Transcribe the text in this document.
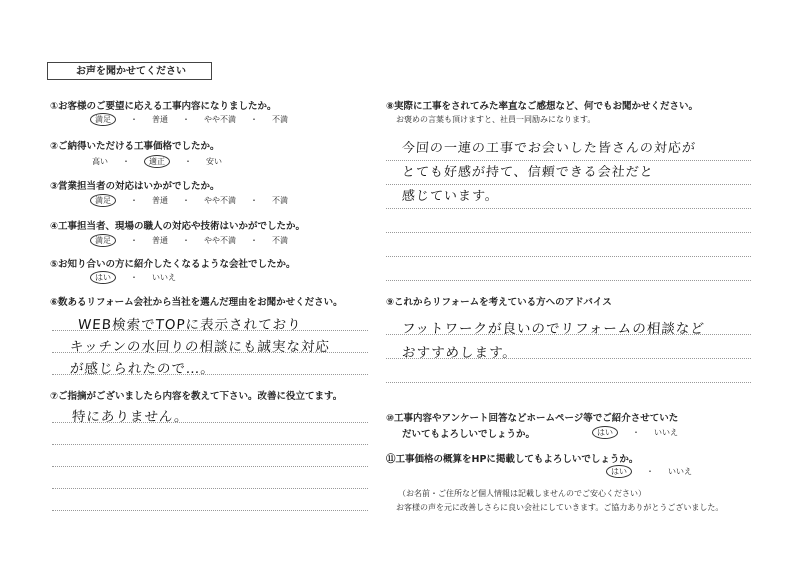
お声を聞かせてください
①お客様のご要望に応える工事内容になりましたか。
満足 ・ 普通 ・ やや不満 ・ 不満
②ご納得いただける工事価格でしたか。
高い ・ 適正 ・ 安い
③営業担当者の対応はいかがでしたか。
満足 ・ 普通 ・ やや不満 ・ 不満
④工事担当者、現場の職人の対応や技術はいかがでしたか。
満足 ・ 普通 ・ やや不満 ・ 不満
⑤お知り合いの方に紹介したくなるような会社でしたか。
はい ・ いいえ
⑥数あるリフォーム会社から当社を選んだ理由をお聞かせください。
WEB検索でTOPに表示されており
キッチンの水回りの相談にも誠実な対応
が感じられたので…。
⑦ご指摘がございましたら内容を教えて下さい。改善に役立てます。
特にありません。
⑧実際に工事をされてみた率直なご感想など、何でもお聞かせください。
お褒めの言葉も頂けますと、社員一同励みになります。
今回の一連の工事でお会いした皆さんの対応が
とても好感が持て、信頼できる会社だと
感じています。
⑨これからリフォームを考えている方へのアドバイス
フットワークが良いのでリフォームの相談など
おすすめします。
⑩工事内容やアンケート回答などホームページ等でご紹介させていた
だいてもよろしいでしょうか。	はい ・ いいえ
⑪工事価格の概算をHPに掲載してもよろしいでしょうか。
はい ・ いいえ
（お名前・ご住所など個人情報は記載しませんのでご安心ください）
お客様の声を元に改善しさらに良い会社にしていきます。ご協力ありがとうございました。
